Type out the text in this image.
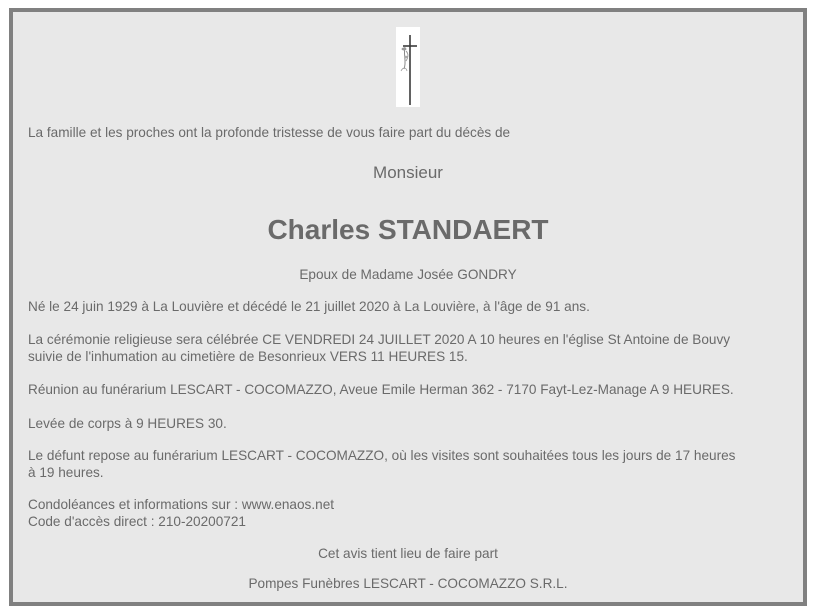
La famille et les proches ont la profonde tristesse de vous faire part du décès de

Monsieur

Charles STANDAERT

Epoux de Madame Josée GONDRY

Né le 24 juin 1929 à La Louvière et décédé le 21 juillet 2020 à La Louvière, à l'âge de 91 ans.

La cérémonie religieuse sera célébrée CE VENDREDI 24 JUILLET 2020 A 10 heures en l'église St Antoine de Bouvy

suivie de l'inhumation au cimetière de Besonrieux VERS 11 HEURES 15.

Réunion au funérarium LESCART - COCOMAZZO, Aveue Emile Herman 362 - 7170 Fayt-Lez-Manage A 9 HEURES.

Levée de corps à 9 HEURES 30.

Le défunt repose au funérarium LESCART - COCOMAZZO, où les visites sont souhaitées tous les jours de 17 heures

à 19 heures.

Condoléances et informations sur : www.enaos.net

Code d'accès direct : 210-20200721

Cet avis tient lieu de faire part

Pompes Funèbres LESCART - COCOMAZZO S.R.L.
